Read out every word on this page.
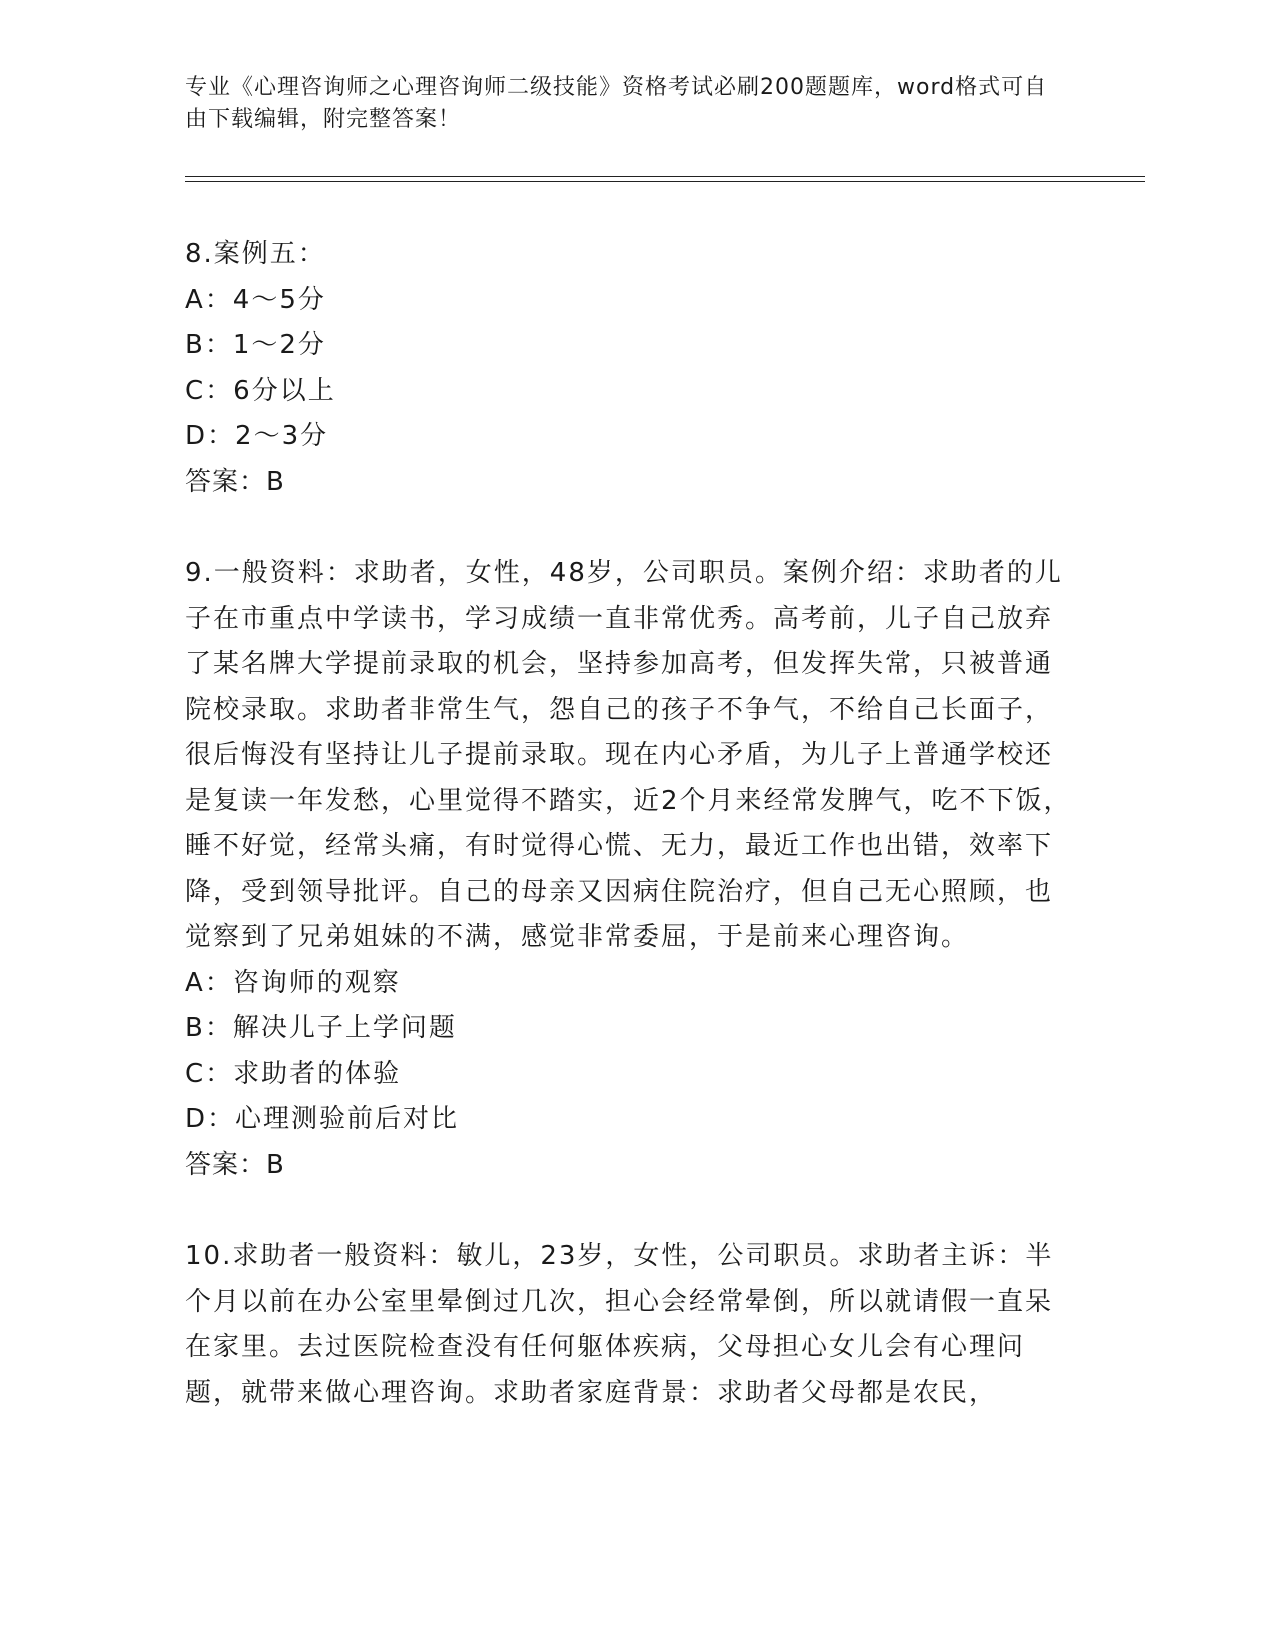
专业《心理咨询师之心理咨询师二级技能》资格考试必刷200题题库，word格式可自由下载编辑，附完整答案！

8.案例五：

A：4～5分

B：1～2分

C：6分以上

D：2～3分

答案：B

9.一般资料：求助者，女性，48岁，公司职员。案例介绍：求助者的儿子在市重点中学读书，学习成绩一直非常优秀。高考前，儿子自己放弃了某名牌大学提前录取的机会，坚持参加高考，但发挥失常，只被普通院校录取。求助者非常生气，怨自己的孩子不争气，不给自己长面子，很后悔没有坚持让儿子提前录取。现在内心矛盾，为儿子上普通学校还是复读一年发愁，心里觉得不踏实，近2个月来经常发脾气，吃不下饭，睡不好觉，经常头痛，有时觉得心慌、无力，最近工作也出错，效率下降，受到领导批评。自己的母亲又因病住院治疗，但自己无心照顾，也觉察到了兄弟姐妹的不满，感觉非常委屈，于是前来心理咨询。

A：咨询师的观察

B：解决儿子上学问题

C：求助者的体验

D：心理测验前后对比

答案：B

10.求助者一般资料：敏儿，23岁，女性，公司职员。求助者主诉：半个月以前在办公室里晕倒过几次，担心会经常晕倒，所以就请假一直呆在家里。去过医院检查没有任何躯体疾病，父母担心女儿会有心理问题，就带来做心理咨询。求助者家庭背景：求助者父母都是农民，
